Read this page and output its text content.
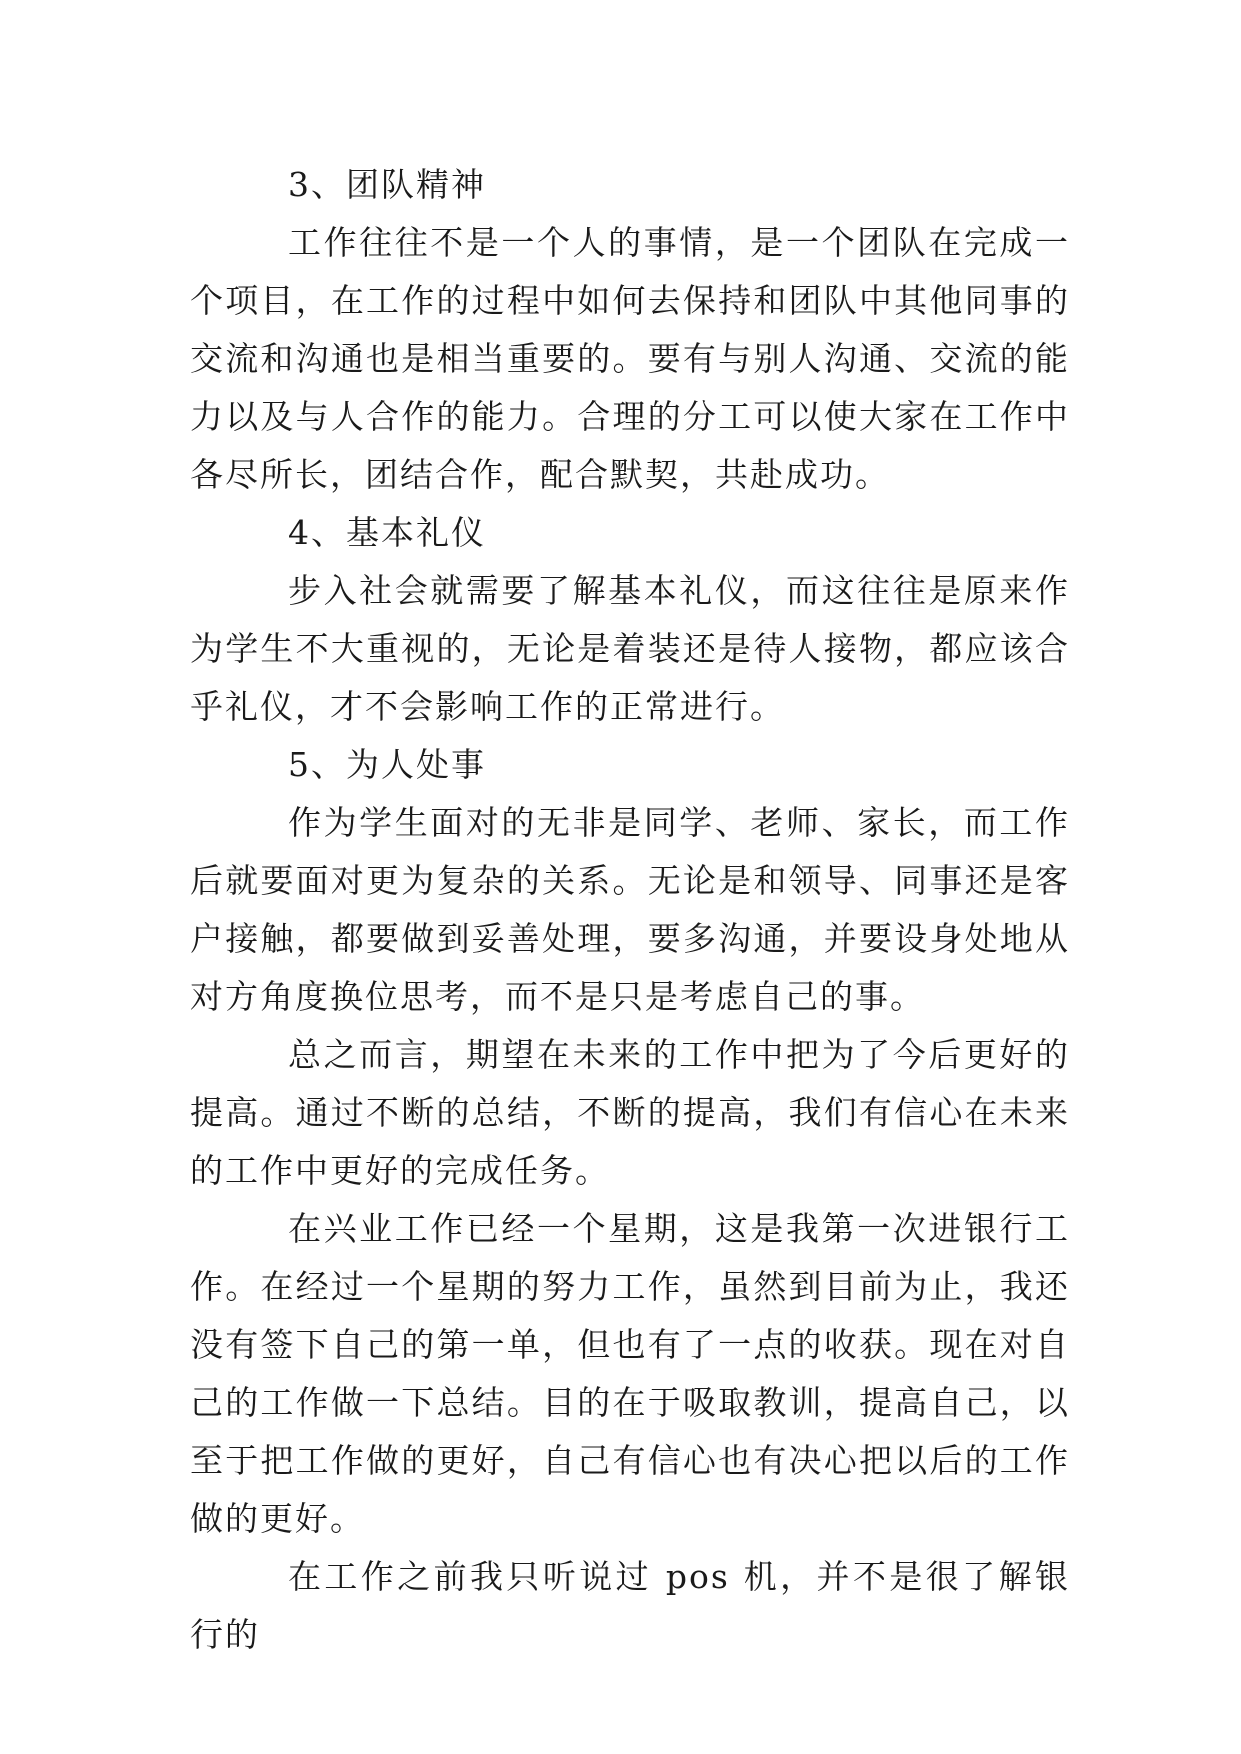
3、团队精神

工作往往不是一个人的事情，是一个团队在完成一个项目，在工作的过程中如何去保持和团队中其他同事的交流和沟通也是相当重要的。要有与别人沟通、交流的能力以及与人合作的能力。合理的分工可以使大家在工作中各尽所长，团结合作，配合默契，共赴成功。

4、基本礼仪

步入社会就需要了解基本礼仪，而这往往是原来作为学生不大重视的，无论是着装还是待人接物，都应该合乎礼仪，才不会影响工作的正常进行。

5、为人处事

作为学生面对的无非是同学、老师、家长，而工作后就要面对更为复杂的关系。无论是和领导、同事还是客户接触，都要做到妥善处理，要多沟通，并要设身处地从对方角度换位思考，而不是只是考虑自己的事。

总之而言，期望在未来的工作中把为了今后更好的提高。通过不断的总结，不断的提高，我们有信心在未来的工作中更好的完成任务。

在兴业工作已经一个星期，这是我第一次进银行工作。在经过一个星期的努力工作，虽然到目前为止，我还没有签下自己的第一单，但也有了一点的收获。现在对自己的工作做一下总结。目的在于吸取教训，提高自己，以至于把工作做的更好，自己有信心也有决心把以后的工作做的更好。

在工作之前我只听说过 pos 机，并不是很了解银行的
